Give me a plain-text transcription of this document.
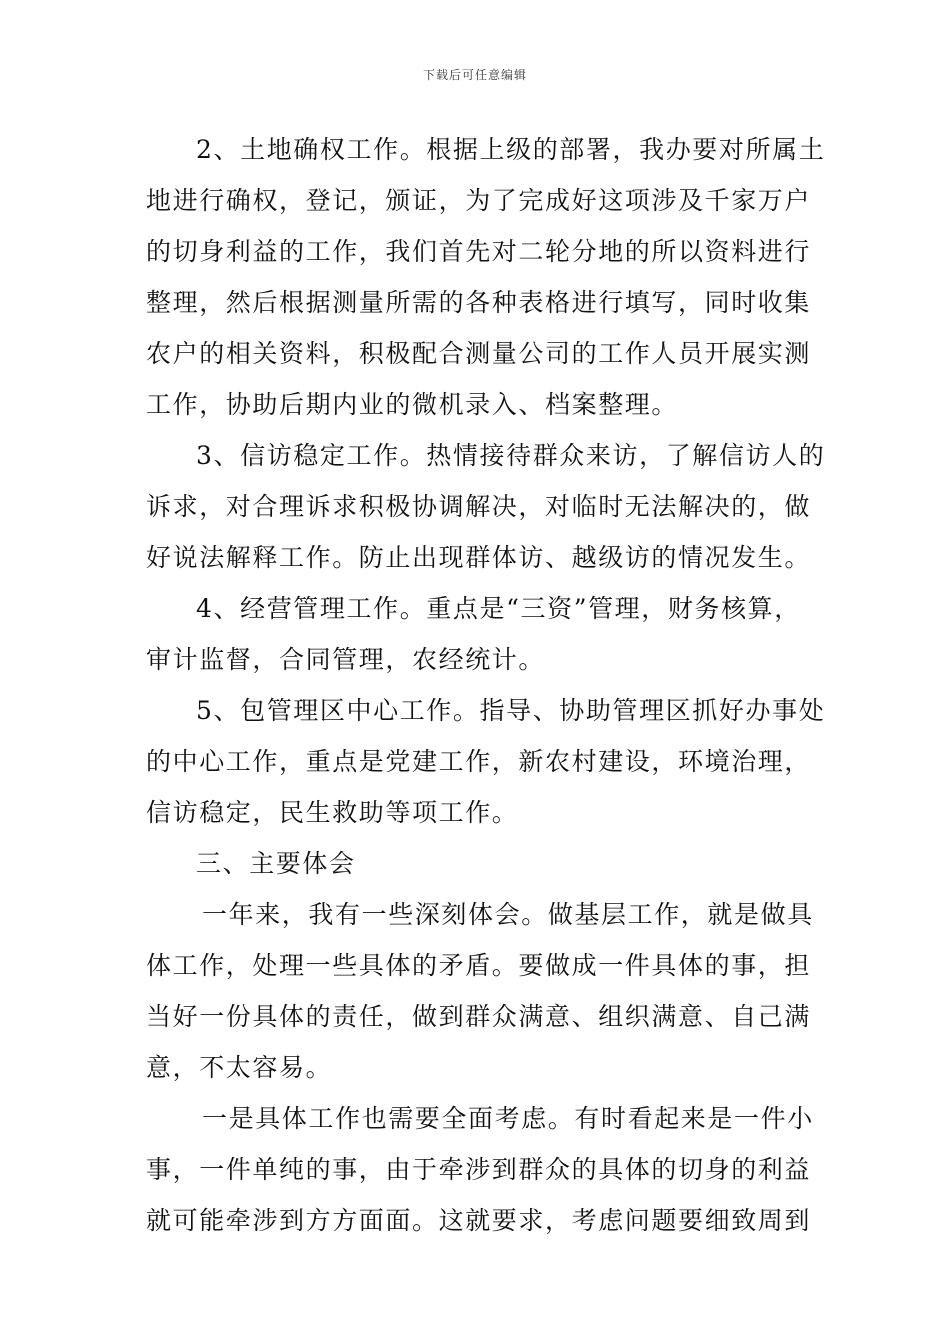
下载后可任意编辑
2、土地确权工作。根据上级的部署，我办要对所属土
地进行确权，登记，颁证，为了完成好这项涉及千家万户
的切身利益的工作，我们首先对二轮分地的所以资料进行
整理，然后根据测量所需的各种表格进行填写，同时收集
农户的相关资料，积极配合测量公司的工作人员开展实测
工作，协助后期内业的微机录入、档案整理。
3、信访稳定工作。热情接待群众来访，了解信访人的
诉求，对合理诉求积极协调解决，对临时无法解决的，做
好说法解释工作。防止出现群体访、越级访的情况发生。
4、经营管理工作。重点是“三资”管理，财务核算，
审计监督，合同管理，农经统计。
5、包管理区中心工作。指导、协助管理区抓好办事处
的中心工作，重点是党建工作，新农村建设，环境治理，
信访稳定，民生救助等项工作。
三、主要体会
一年来，我有一些深刻体会。做基层工作，就是做具
体工作，处理一些具体的矛盾。要做成一件具体的事，担
当好一份具体的责任，做到群众满意、组织满意、自己满
意，不太容易。
一是具体工作也需要全面考虑。有时看起来是一件小
事，一件单纯的事，由于牵涉到群众的具体的切身的利益
就可能牵涉到方方面面。这就要求，考虑问题要细致周到
